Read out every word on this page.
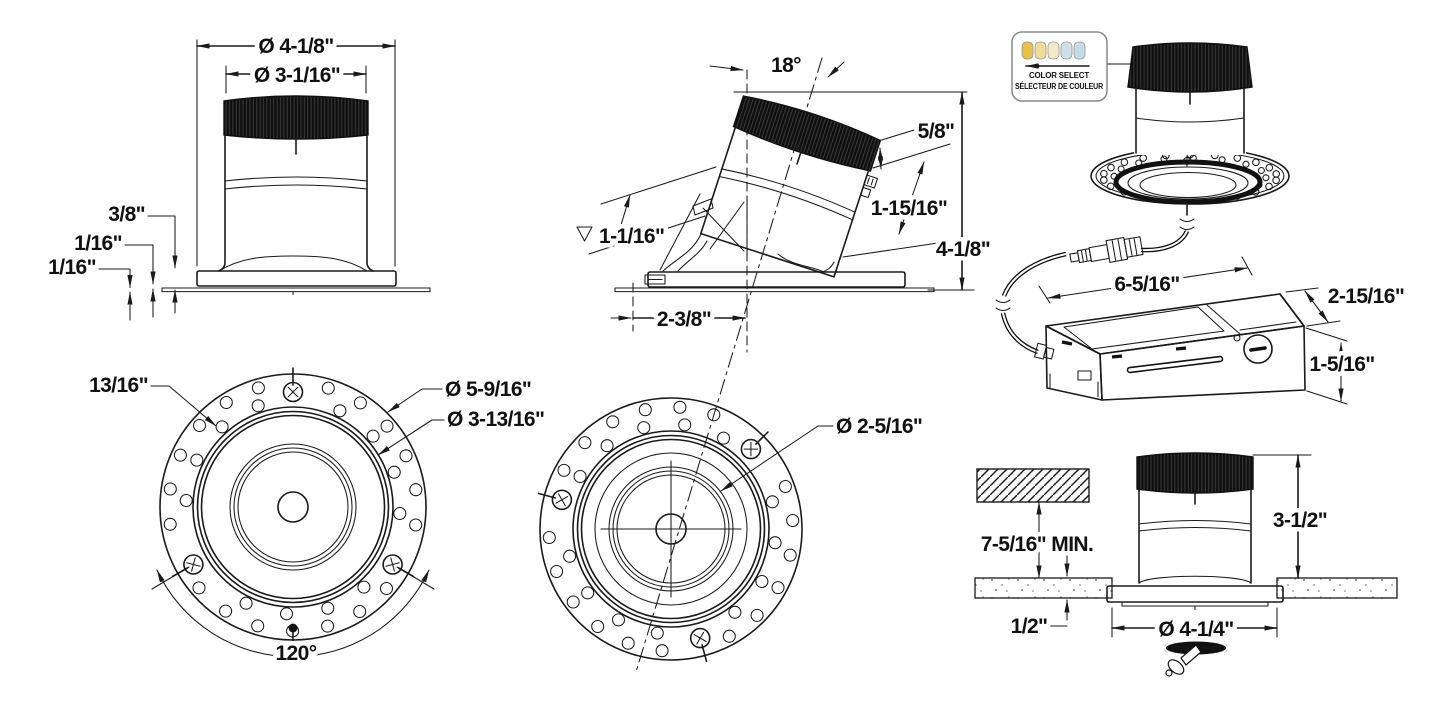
Ø 4-1/8"
Ø 3-1/16"
3/8"
1/16"
1/16"
18°
5/8"
1-15/16"
4-1/8"
1-1/16"
2-3/8"
COLOR SELECT
SÉLECTEUR DE COULEUR
6-5/16"
2-15/16"
1-5/16"
13/16"	Ø 5-9/16"
Ø 3-13/16"
120°
Ø 2-5/16"
7-5/16" MIN.
3-1/2"
1/2"	Ø 4-1/4"
